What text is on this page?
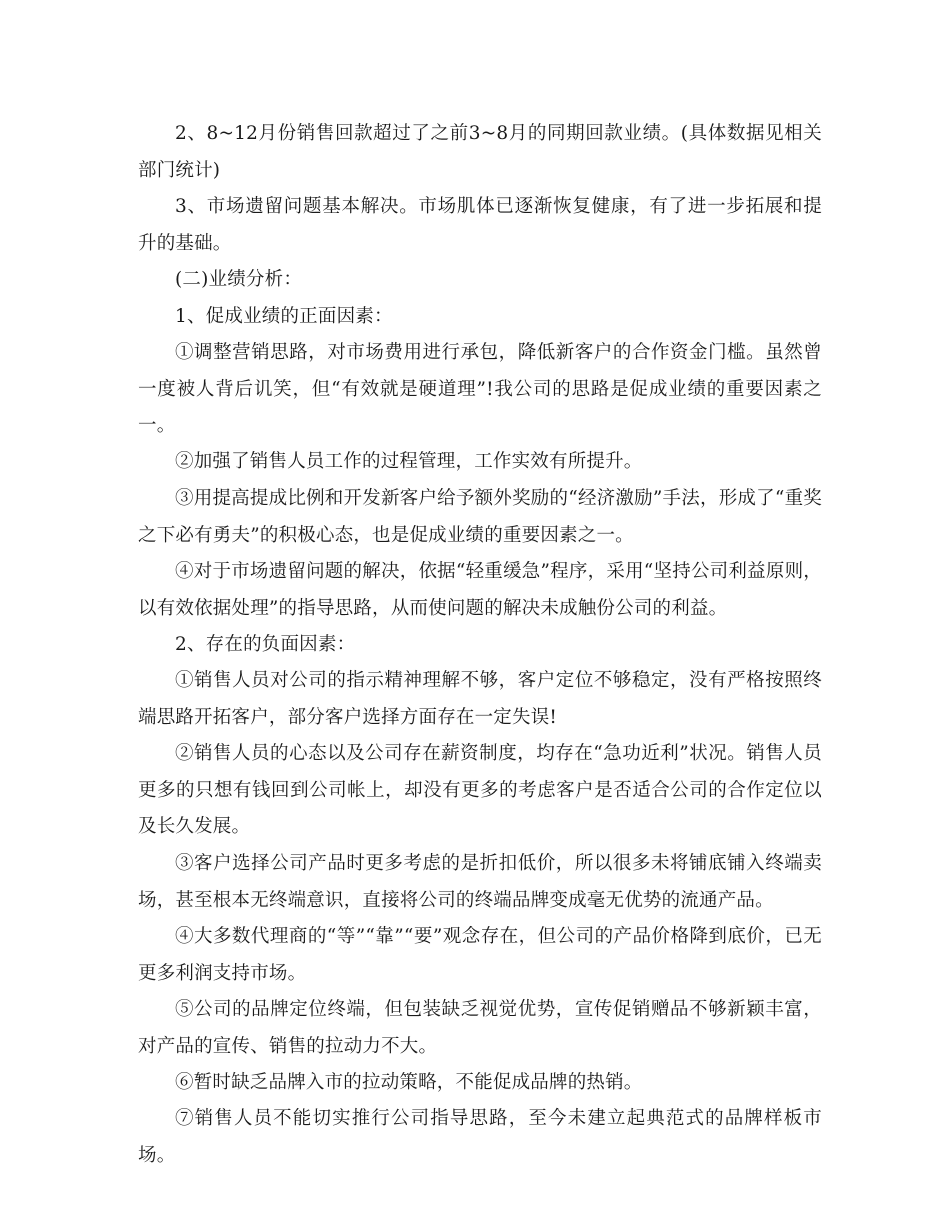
2、8~12月份销售回款超过了之前3~8月的同期回款业绩。(具体数据见相关部门统计)

3、市场遗留问题基本解决。市场肌体已逐渐恢复健康，有了进一步拓展和提升的基础。

(二)业绩分析：

1、促成业绩的正面因素：

①调整营销思路，对市场费用进行承包，降低新客户的合作资金门槛。虽然曾一度被人背后讥笑，但“有效就是硬道理”!我公司的思路是促成业绩的重要因素之一。

②加强了销售人员工作的过程管理，工作实效有所提升。

③用提高提成比例和开发新客户给予额外奖励的“经济激励”手法，形成了“重奖之下必有勇夫”的积极心态，也是促成业绩的重要因素之一。

④对于市场遗留问题的解决，依据“轻重缓急”程序，采用“坚持公司利益原则，以有效依据处理”的指导思路，从而使问题的解决未成触份公司的利益。

2、存在的负面因素：

①销售人员对公司的指示精神理解不够，客户定位不够稳定，没有严格按照终端思路开拓客户，部分客户选择方面存在一定失误!

②销售人员的心态以及公司存在薪资制度，均存在“急功近利”状况。销售人员更多的只想有钱回到公司帐上，却没有更多的考虑客户是否适合公司的合作定位以及长久发展。

③客户选择公司产品时更多考虑的是折扣低价，所以很多未将铺底铺入终端卖场，甚至根本无终端意识，直接将公司的终端品牌变成毫无优势的流通产品。

④大多数代理商的“等”“靠”“要”观念存在，但公司的产品价格降到底价，已无更多利润支持市场。

⑤公司的品牌定位终端，但包装缺乏视觉优势，宣传促销赠品不够新颖丰富，对产品的宣传、销售的拉动力不大。

⑥暂时缺乏品牌入市的拉动策略，不能促成品牌的热销。

⑦销售人员不能切实推行公司指导思路，至今未建立起典范式的品牌样板市场。
